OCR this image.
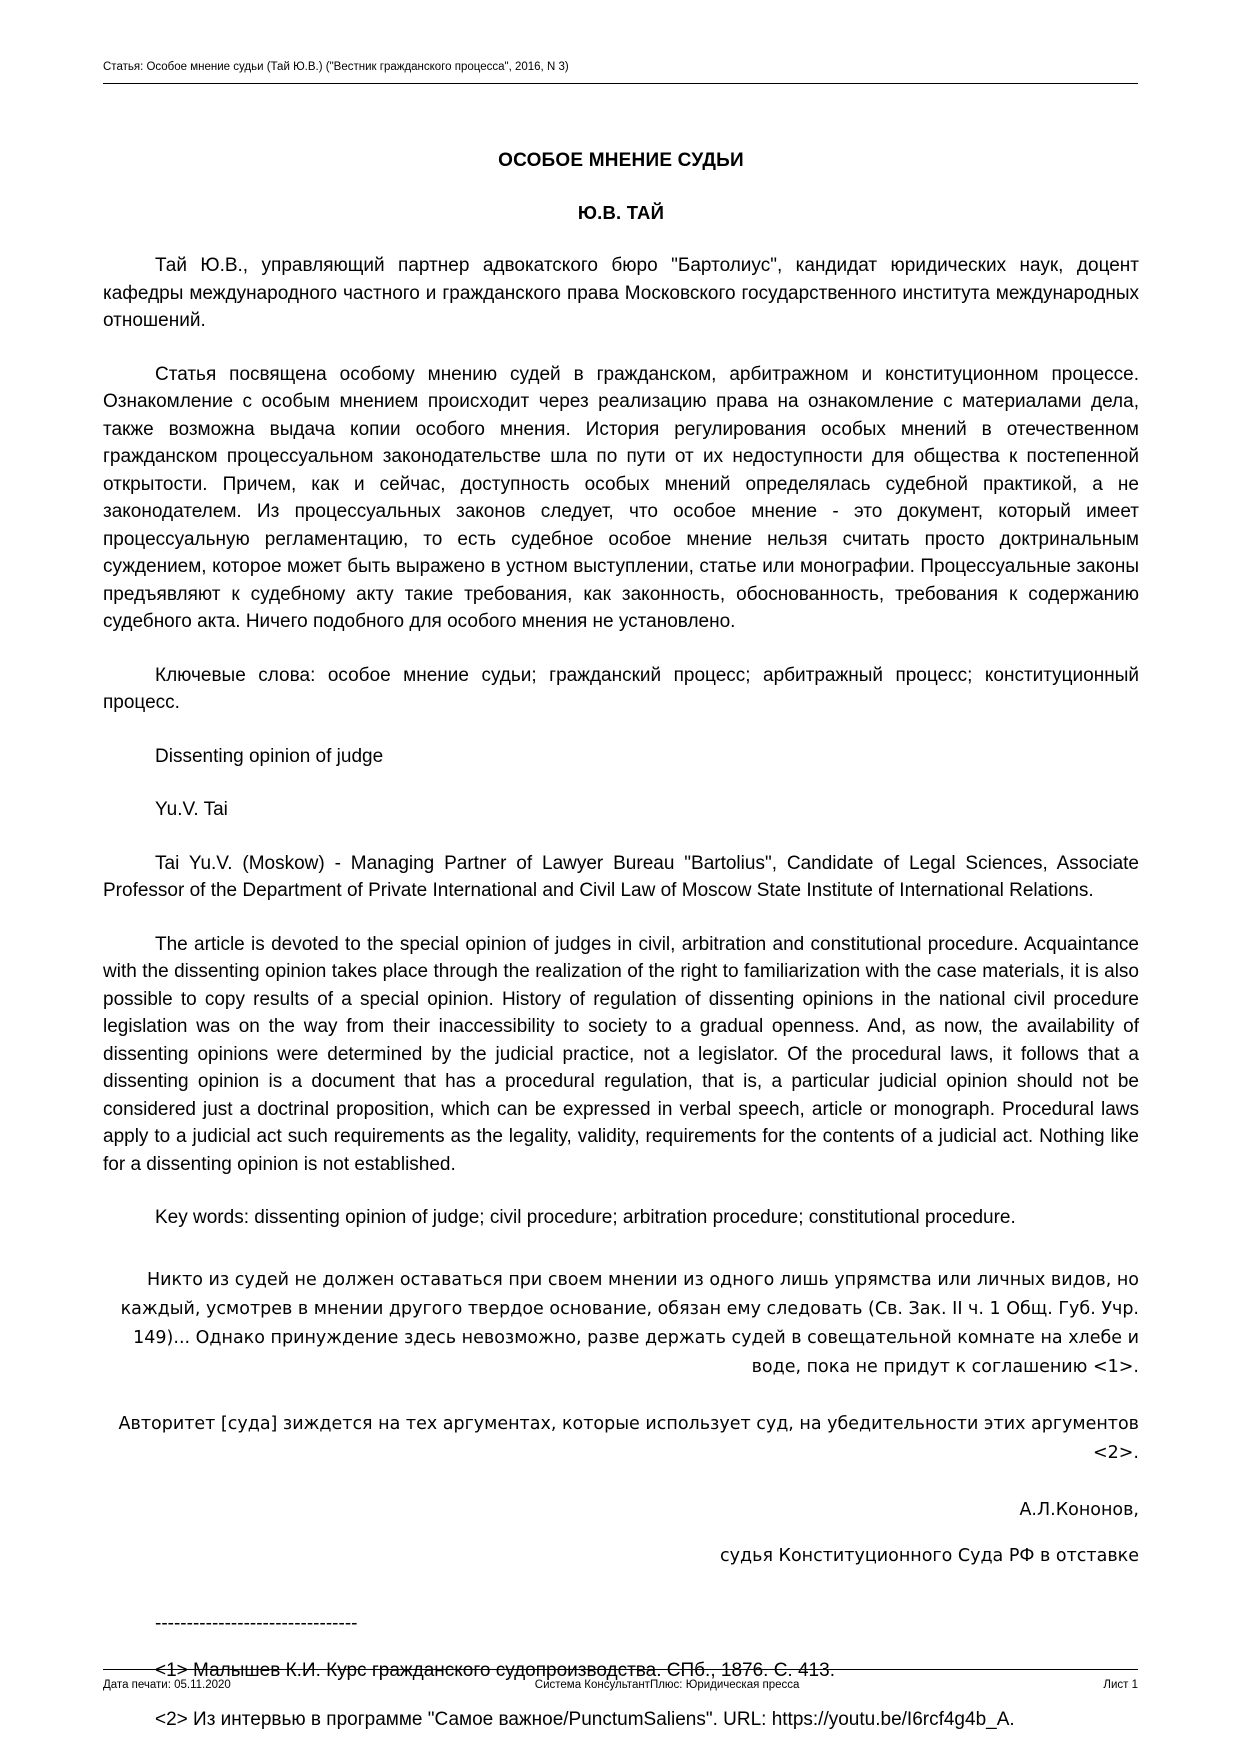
Статья: Особое мнение судьи (Тай Ю.В.) ("Вестник гражданского процесса", 2016, N 3)
ОСОБОЕ МНЕНИЕ СУДЬИ
Ю.В. ТАЙ

Тай Ю.В., управляющий партнер адвокатского бюро "Бартолиус", кандидат юридических наук, доцент кафедры международного частного и гражданского права Московского государственного института международных отношений.

Статья посвящена особому мнению судей в гражданском, арбитражном и конституционном процессе. Ознакомление с особым мнением происходит через реализацию права на ознакомление с материалами дела, также возможна выдача копии особого мнения. История регулирования особых мнений в отечественном гражданском процессуальном законодательстве шла по пути от их недоступности для общества к постепенной открытости. Причем, как и сейчас, доступность особых мнений определялась судебной практикой, а не законодателем. Из процессуальных законов следует, что особое мнение - это документ, который имеет процессуальную регламентацию, то есть судебное особое мнение нельзя считать просто доктринальным суждением, которое может быть выражено в устном выступлении, статье или монографии. Процессуальные законы предъявляют к судебному акту такие требования, как законность, обоснованность, требования к содержанию судебного акта. Ничего подобного для особого мнения не установлено.

Ключевые слова: особое мнение судьи; гражданский процесс; арбитражный процесс; конституционный процесс.

Dissenting opinion of judge

Yu.V. Tai

Tai Yu.V. (Moskow) - Managing Partner of Lawyer Bureau "Bartolius", Candidate of Legal Sciences, Associate Professor of the Department of Private International and Civil Law of Moscow State Institute of International Relations.

The article is devoted to the special opinion of judges in civil, arbitration and constitutional procedure. Acquaintance with the dissenting opinion takes place through the realization of the right to familiarization with the case materials, it is also possible to copy results of a special opinion. History of regulation of dissenting opinions in the national civil procedure legislation was on the way from their inaccessibility to society to a gradual openness. And, as now, the availability of dissenting opinions were determined by the judicial practice, not a legislator. Of the procedural laws, it follows that a dissenting opinion is a document that has a procedural regulation, that is, a particular judicial opinion should not be considered just a doctrinal proposition, which can be expressed in verbal speech, article or monograph. Procedural laws apply to a judicial act such requirements as the legality, validity, requirements for the contents of a judicial act. Nothing like for a dissenting opinion is not established.

Key words: dissenting opinion of judge; civil procedure; arbitration procedure; constitutional procedure.

Никто из судей не должен оставаться при своем мнении из одного лишь упрямства или личных видов, но каждый, усмотрев в мнении другого твердое основание, обязан ему следовать (Св. Зак. II ч. 1 Общ. Губ. Учр. 149)... Однако принуждение здесь невозможно, разве держать судей в совещательной комнате на хлебе и воде, пока не придут к соглашению <1>.

Авторитет [суда] зиждется на тех аргументах, которые использует суд, на убедительности этих аргументов <2>.

А.Л.Кононов,

судья Конституционного Суда РФ в отставке

--------------------------------

<1> Малышев К.И. Курс гражданского судопроизводства. СПб., 1876. С. 413.

<2> Из интервью в программе "Самое важное/PunctumSaliens". URL: https://youtu.be/I6rcf4g4b_A.

Дата печати: 05.11.2020	Система КонсультантПлюс: Юридическая пресса	Лист 1
